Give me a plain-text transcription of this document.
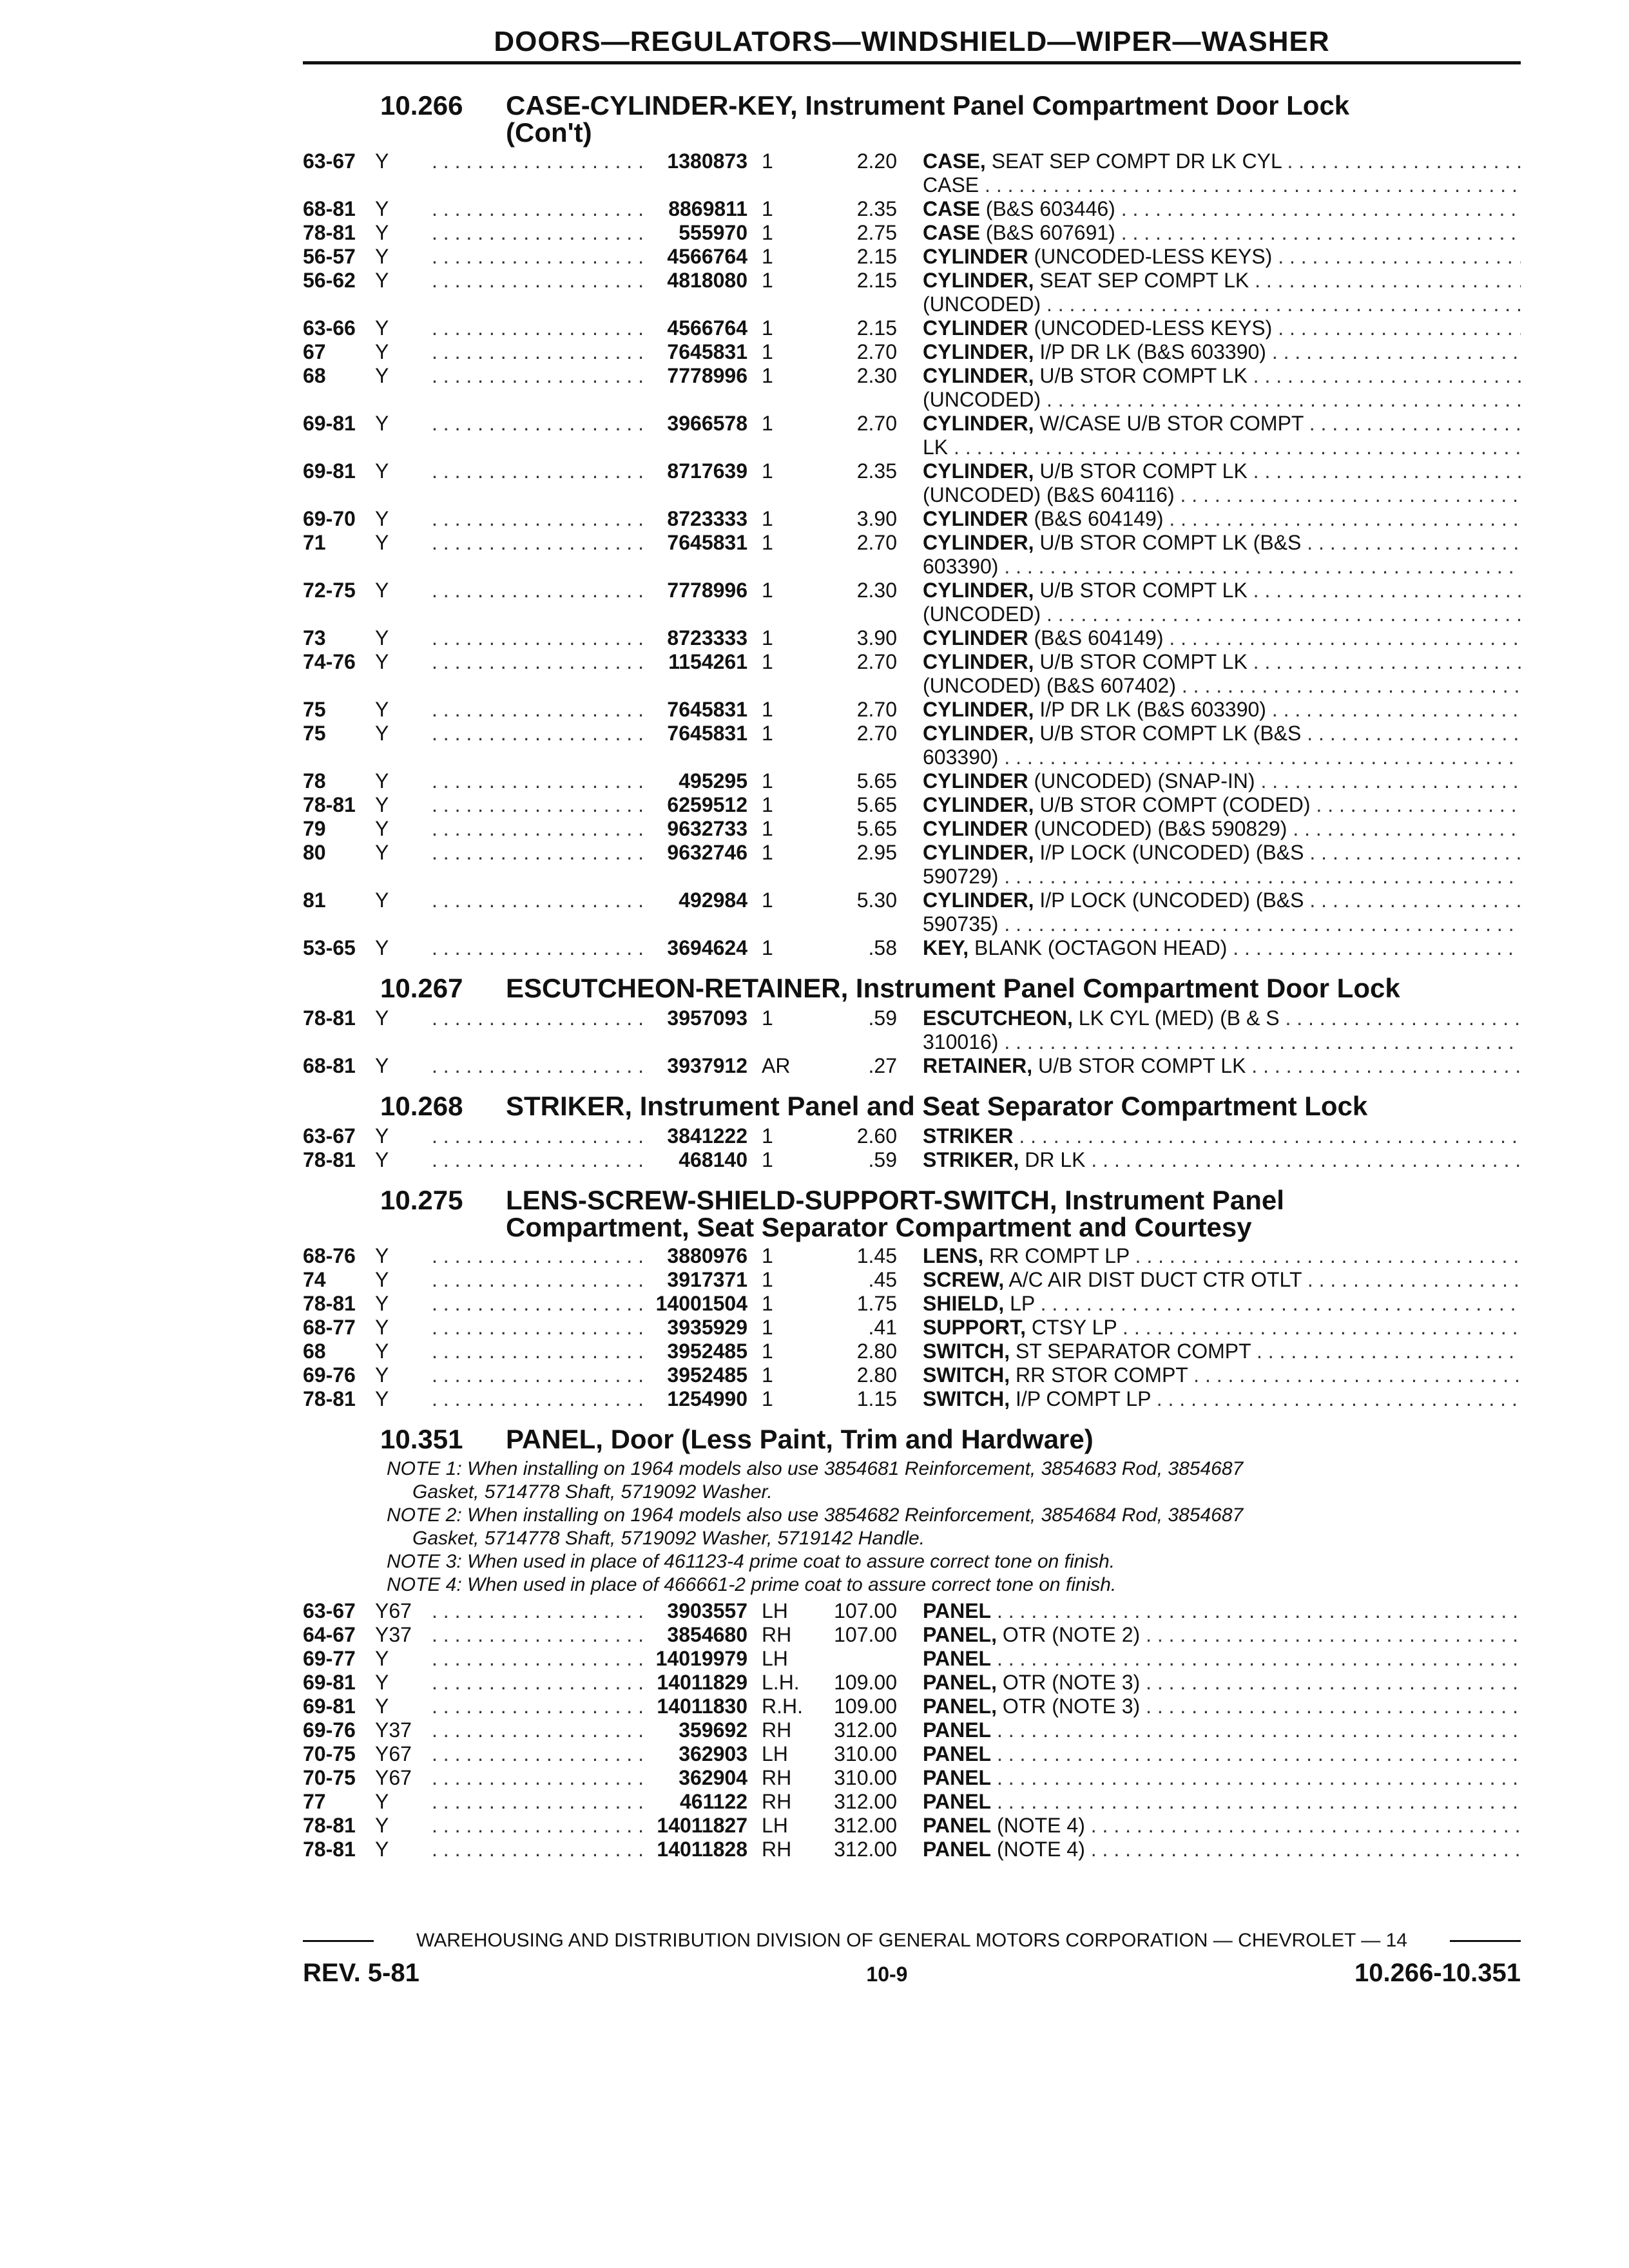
DOORS—REGULATORS—WINDSHIELD—WIPER—WASHER
10.266	CASE-CYLINDER-KEY, Instrument Panel Compartment Door Lock
(Con't)
63-67 Y . . .	1380873 1	2.20 CASE, SEAT SEP COMPT DR LK CYL . . .
CASE . . .
68-81 Y . . .	8869811 1	2.35 CASE (B&S 603446) . . .
78-81 Y . . .	555970 1	2.75 CASE (B&S 607691) . . .
56-57 Y . . .	4566764 1	2.15 CYLINDER (UNCODED-LESS KEYS) . . .
56-62 Y . . .	4818080 1	2.15 CYLINDER, SEAT SEP COMPT LK . . .
(UNCODED) . . .
63-66 Y . . .	4566764 1	2.15 CYLINDER (UNCODED-LESS KEYS) . . .
67	Y . . .	7645831 1	2.70 CYLINDER, I/P DR LK (B&S 603390) . . .
68	Y . . .	7778996 1	2.30 CYLINDER, U/B STOR COMPT LK . . .
(UNCODED) . . .
69-81 Y . . .	3966578 1	2.70 CYLINDER, W/CASE U/B STOR COMPT . . .
LK . . .
69-81 Y . . .	8717639 1	2.35 CYLINDER, U/B STOR COMPT LK . . .
(UNCODED) (B&S 604116) . . .
69-70 Y . . .	8723333 1	3.90 CYLINDER (B&S 604149) . . .
71	Y . . .	7645831 1	2.70 CYLINDER, U/B STOR COMPT LK (B&S . . .
603390) . . .
72-75 Y . . .	7778996 1	2.30 CYLINDER, U/B STOR COMPT LK . . .
(UNCODED) . . .
73	Y . . .	8723333 1	3.90 CYLINDER (B&S 604149) . . .
74-76 Y . . .	1154261 1	2.70 CYLINDER, U/B STOR COMPT LK . . .
(UNCODED) (B&S 607402) . . .
75	Y . . .	7645831 1	2.70 CYLINDER, I/P DR LK (B&S 603390) . . .
75	Y . . .	7645831 1	2.70 CYLINDER, U/B STOR COMPT LK (B&S . . .
603390) . . .
78	Y . . .	495295 1	5.65 CYLINDER (UNCODED) (SNAP-IN) . . .
78-81 Y . . .	6259512 1	5.65 CYLINDER, U/B STOR COMPT (CODED) . . .
79	Y . . .	9632733 1	5.65 CYLINDER (UNCODED) (B&S 590829) . . .
80	Y . . .	9632746 1	2.95 CYLINDER, I/P LOCK (UNCODED) (B&S . . .
590729) . . .
81	Y . . .	492984 1	5.30 CYLINDER, I/P LOCK (UNCODED) (B&S . . .
590735) . . .
53-65 Y . . .	3694624 1	.58 KEY, BLANK (OCTAGON HEAD) . . .
10.267	ESCUTCHEON-RETAINER, Instrument Panel Compartment Door Lock
78-81 Y . . .	3957093 1	.59 ESCUTCHEON, LK CYL (MED) (B & S . . .
310016) . . .
68-81 Y . . .	3937912 AR	.27 RETAINER, U/B STOR COMPT LK . . .
10.268	STRIKER, Instrument Panel and Seat Separator Compartment Lock
63-67 Y . . .	3841222 1	2.60 STRIKER . . .
78-81 Y . . .	468140 1	.59 STRIKER, DR LK . . .
10.275	LENS-SCREW-SHIELD-SUPPORT-SWITCH, Instrument Panel
Compartment, Seat Separator Compartment and Courtesy
68-76 Y . . .	3880976 1	1.45 LENS, RR COMPT LP . . .
74	Y . . .	3917371 1	.45 SCREW, A/C AIR DIST DUCT CTR OTLT . . .
78-81 Y . . .	14001504 1	1.75 SHIELD, LP . . .
68-77 Y . . .	3935929 1	.41 SUPPORT, CTSY LP . . .
68	Y . . .	3952485 1	2.80 SWITCH, ST SEPARATOR COMPT . . .
69-76 Y . . .	3952485 1	2.80 SWITCH, RR STOR COMPT . . .
78-81 Y . . .	1254990 1	1.15 SWITCH, I/P COMPT LP . . .
10.351	PANEL, Door (Less Paint, Trim and Hardware)
NOTE 1: When installing on 1964 models also use 3854681 Reinforcement, 3854683 Rod, 3854687
Gasket, 5714778 Shaft, 5719092 Washer.
NOTE 2: When installing on 1964 models also use 3854682 Reinforcement, 3854684 Rod, 3854687
Gasket, 5714778 Shaft, 5719092 Washer, 5719142 Handle.
NOTE 3: When used in place of 461123-4 prime coat to assure correct tone on finish.
NOTE 4: When used in place of 466661-2 prime coat to assure correct tone on finish.
63-67 Y67 . . .	3903557 LH	107.00 PANEL . . .
64-67 Y37 . . .	3854680 RH	107.00 PANEL, OTR (NOTE 2) . . .
69-77 Y . . .	14019979 LH	PANEL . . .
69-81 Y . . .	14011829 L.H.	109.00 PANEL, OTR (NOTE 3) . . .
69-81 Y . . .	14011830 R.H.	109.00 PANEL, OTR (NOTE 3) . . .
69-76 Y37 . . .	359692 RH	312.00 PANEL . . .
70-75 Y67 . . .	362903 LH	310.00 PANEL . . .
70-75 Y67 . . .	362904 RH	310.00 PANEL . . .
77	Y . . .	461122 RH	312.00 PANEL . . .
78-81 Y . . .	14011827 LH	312.00 PANEL (NOTE 4) . . .
78-81 Y . . .	14011828 RH	312.00 PANEL (NOTE 4) . . .
WAREHOUSING AND DISTRIBUTION DIVISION OF GENERAL MOTORS CORPORATION — CHEVROLET — 14
REV. 5-81	10-9	10.266-10.351
